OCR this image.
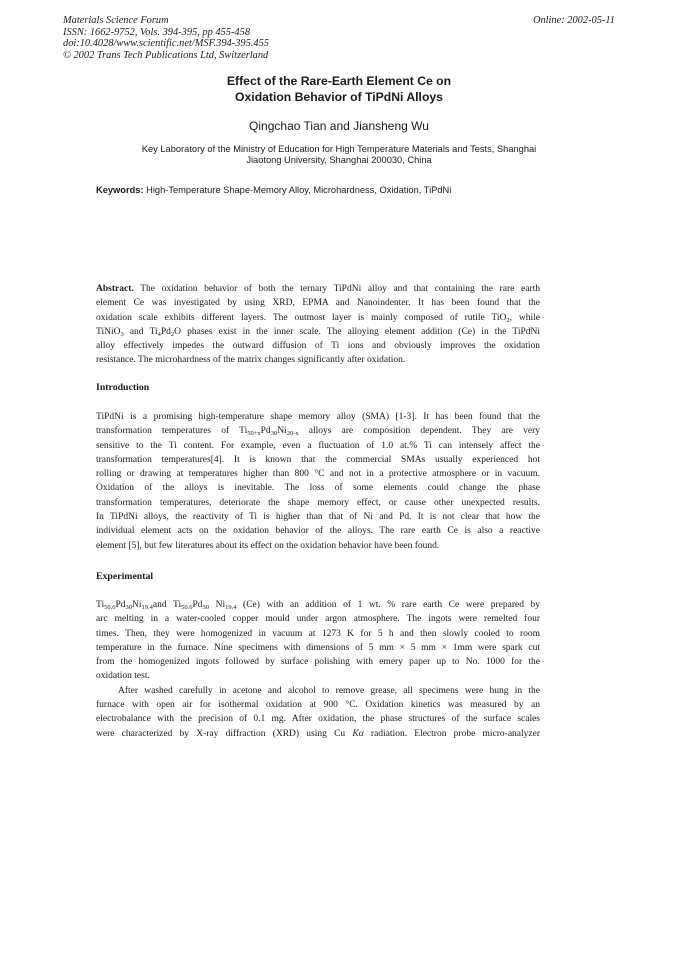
Materials Science Forum
ISSN: 1662-9752, Vols. 394-395, pp 455-458
doi:10.4028/www.scientific.net/MSF.394-395.455
© 2002 Trans Tech Publications Ltd, Switzerland
Online: 2002-05-11
Effect of the Rare-Earth Element Ce on
Oxidation Behavior of TiPdNi Alloys
Qingchao Tian and Jiansheng Wu
Key Laboratory of the Ministry of Education for High Temperature Materials and Tests, Shanghai
Jiaotong University, Shanghai 200030, China
Keywords: High-Temperature Shape-Memory Alloy, Microhardness, Oxidation, TiPdNi
Abstract. The oxidation behavior of both the ternary TiPdNi alloy and that containing the rare earth
element Ce was investigated by using XRD, EPMA and Nanoindenter. It has been found that the
oxidation scale exhibits different layers. The outmost layer is mainly composed of rutile TiO$_2$, while
TiNiO$_3$ and $Ti_4Pd_2O$ phases exist in the inner scale. The alloying element addition (Ce) in the TiPdNi
alloy effectively impedes the outward diffusion of Ti ions and obviously improves the oxidation
resistance. The microhardness of the matrix changes significantly after oxidation.
Introduction
TiPdNi is a promising high-temperature shape memory alloy (SMA) [1-3]. It has been found that the
transformation temperatures of $Ti_{50+x}Pd_{30}Ni_{20-x}$ alloys are composition dependent. They are very
sensitive to the Ti content. For example, even a fluctuation of 1.0 at.% Ti can intensely affect the
transformation temperatures[4]. It is known that the commercial SMAs usually experienced hot
rolling or drawing at temperatures higher than 800 °C and not in a protective atmosphere or in vacuum.
Oxidation of the alloys is inevitable. The loss of some elements could change the phase
transformation temperatures, deteriorate the shape memory effect, or cause other unexpected results.
In TiPdNi alloys, the reactivity of Ti is higher than that of Ni and Pd. It is not clear that how the
individual element acts on the oxidation behavior of the alloys. The rare earth Ce is also a reactive
element [5], but few literatures about its effect on the oxidation behavior have been found.
Experimental
$Ti_{50.6}Pd_{30}Ni_{19.4}and$ $Ti_{50.6}Pd_{30}$ $Ni_{19.4}$ (Ce) with an addition of 1 wt. % rare earth Ce were prepared by
arc melting in a water-cooled copper mould under argon atmosphere. The ingots were remelted four
times. Then, they were homogenized in vacuum at 1273 K for 5 h and then slowly cooled to room
temperature in the furnace. Nine specimens with dimensions of 5 mm × 5 mm × 1mm were spark cut
from the homogenized ingots followed by surface polishing with emery paper up to No. 1000 for the
oxidation test.
After washed carefully in acetone and alcohol to remove grease, all specimens were hung in the
furnace with open air for isothermal oxidation at 900 °C. Oxidation kinetics was measured by an
electrobalance with the precision of 0.1 mg. After oxidation, the phase structures of the surface scales
were characterized by X-ray diffraction (XRD) using Cu Kα radiation. Electron probe micro-analyzer
